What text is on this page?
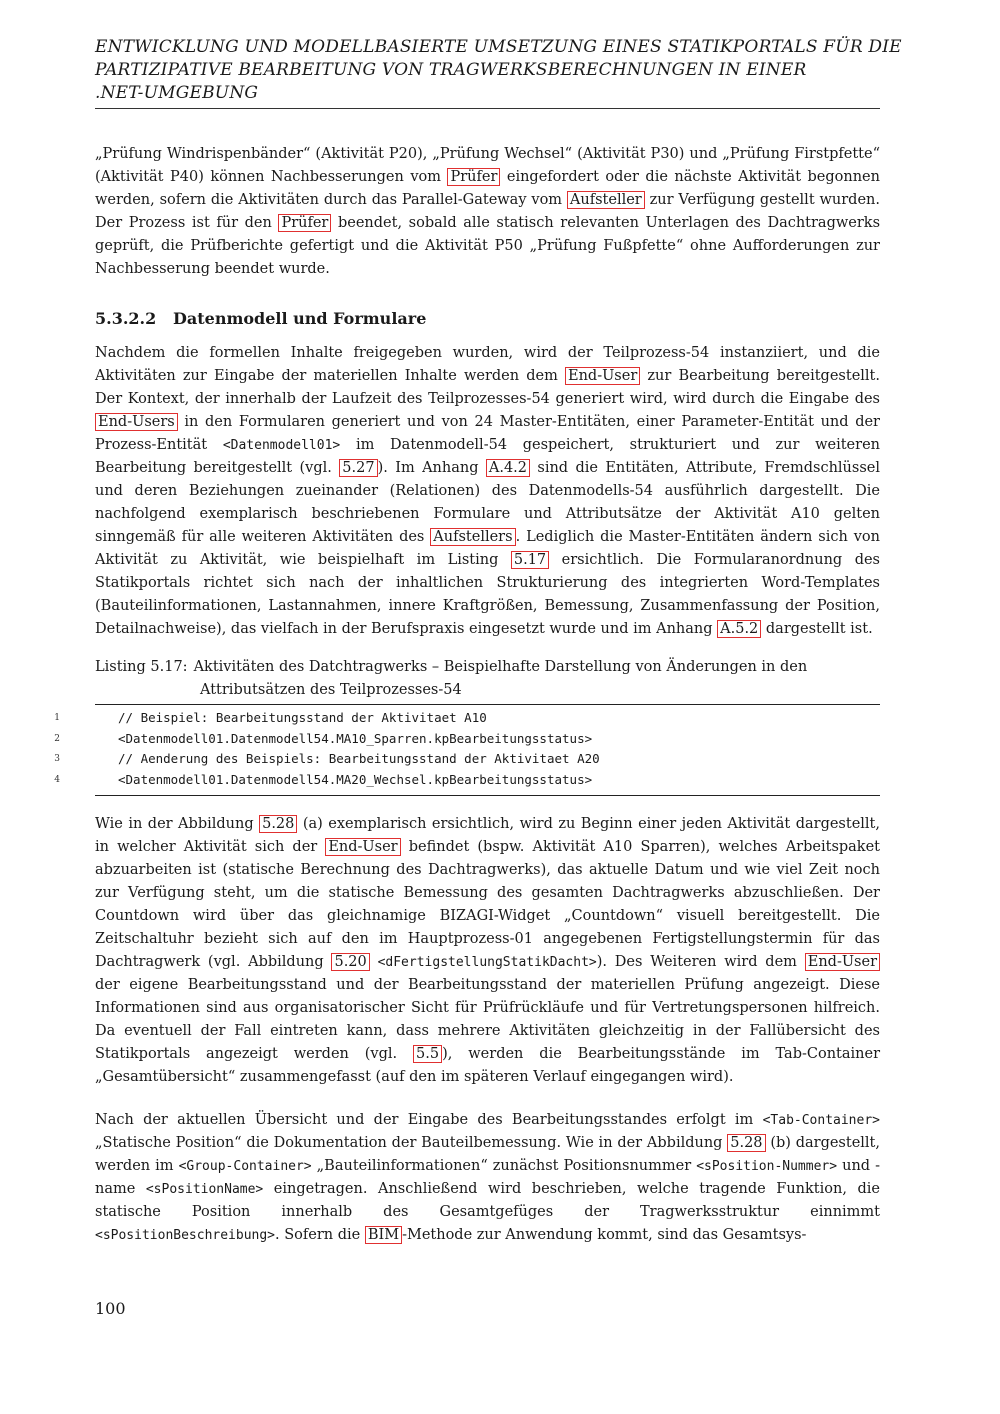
ENTWICKLUNG UND MODELLBASIERTE UMSETZUNG EINES STATIKPORTALS FÜR DIE
PARTIZIPATIVE BEARBEITUNG VON TRAGWERKSBERECHNUNGEN IN EINER
.NET-UMGEBUNG

„Prüfung Windrispenbänder“ (Aktivität P20), „Prüfung Wechsel“ (Aktivität P30) und „Prüfung Firstpfette“ (Aktivität P40) können Nachbesserungen vom Prüfer eingefordert oder die nächste Aktivität begonnen werden, sofern die Aktivitäten durch das Parallel-Gateway vom Aufsteller zur Verfügung gestellt wurden. Der Prozess ist für den Prüfer beendet, sobald alle statisch relevanten Unterlagen des Dachtragwerks geprüft, die Prüfberichte gefertigt und die Aktivität P50 „Prüfung Fußpfette“ ohne Aufforderungen zur Nachbesserung beendet wurde.

5.3.2.2 Datenmodell und Formulare

Nachdem die formellen Inhalte freigegeben wurden, wird der Teilprozess-54 instanziiert, und die Aktivitäten zur Eingabe der materiellen Inhalte werden dem End-User zur Bearbeitung bereitgestellt. Der Kontext, der innerhalb der Laufzeit des Teilprozesses-54 generiert wird, wird durch die Eingabe des End-Users in den Formularen generiert und von 24 Master-Entitäten, einer Parameter-Entität und der Prozess-Entität <Datenmodell01> im Datenmodell-54 gespeichert, strukturiert und zur weiteren Bearbeitung bereitgestellt (vgl. 5.27 ). Im Anhang A.4.2 sind die Entitäten, Attribute, Fremdschlüssel und deren Beziehungen zueinander (Relationen) des Datenmodells-54 ausführlich dargestellt. Die nachfolgend exemplarisch beschriebenen Formulare und Attributsätze der Aktivität A10 gelten sinngemäß für alle weiteren Aktivitäten des Aufstellers . Lediglich die Master-Entitäten ändern sich von Aktivität zu Aktivität, wie beispielhaft im Listing 5.17 ersichtlich. Die Formularanordnung des Statikportals richtet sich nach der inhaltlichen Strukturierung des integrierten Word-Templates (Bauteilinformationen, Lastannahmen, innere Kraftgrößen, Bemessung, Zusammenfassung der Position, Detailnachweise), das vielfach in der Berufspraxis eingesetzt wurde und im Anhang A.5.2 dargestellt ist.

Listing 5.17: Aktivitäten des Datchtragwerks – Beispielhafte Darstellung von Änderungen in den
Attributsätzen des Teilprozesses-54
1	// Beispiel: Bearbeitungsstand der Aktivitaet A10
2	<Datenmodell01.Datenmodell54.MA10_Sparren.kpBearbeitungsstatus>
3	// Aenderung des Beispiels: Bearbeitungsstand der Aktivitaet A20
4	<Datenmodell01.Datenmodell54.MA20_Wechsel.kpBearbeitungsstatus>

Wie in der Abbildung 5.28 (a) exemplarisch ersichtlich, wird zu Beginn einer jeden Aktivität dargestellt, in welcher Aktivität sich der End-User befindet (bspw. Aktivität A10 Sparren), welches Arbeitspaket abzuarbeiten ist (statische Berechnung des Dachtragwerks), das aktuelle Datum und wie viel Zeit noch zur Verfügung steht, um die statische Bemessung des gesamten Dachtragwerks abzuschließen. Der Countdown wird über das gleichnamige BIZAGI-Widget „Countdown“ visuell bereitgestellt. Die Zeitschaltuhr bezieht sich auf den im Hauptprozess-01 angegebenen Fertigstellungstermin für das Dachtragwerk (vgl. Abbildung 5.20 <dFertigstellungStatikDacht>). Des Weiteren wird dem End-User der eigene Bearbeitungsstand und der Bearbeitungsstand der materiellen Prüfung angezeigt. Diese Informationen sind aus organisatorischer Sicht für Prüfrückläufe und für Vertretungspersonen hilfreich. Da eventuell der Fall eintreten kann, dass mehrere Aktivitäten gleichzeitig in der Fallübersicht des Statikportals angezeigt werden (vgl. 5.5 ), werden die Bearbeitungsstände im Tab-Container „Gesamtübersicht“ zusammengefasst (auf den im späteren Verlauf eingegangen wird).

Nach der aktuellen Übersicht und der Eingabe des Bearbeitungsstandes erfolgt im <Tab-Container> „Statische Position“ die Dokumentation der Bauteilbemessung. Wie in der Abbildung 5.28 (b) dargestellt, werden im <Group-Container> „Bauteilinformationen“ zunächst Positionsnummer <sPosition-Nummer> und -name <sPositionName> eingetragen. Anschließend wird beschrieben, welche tragende Funktion, die statische Position innerhalb des Gesamtgefüges der Tragwerksstruktur einnimmt <sPositionBeschreibung>. Sofern die BIM -Methode zur Anwendung kommt, sind das Gesamtsys-

100
